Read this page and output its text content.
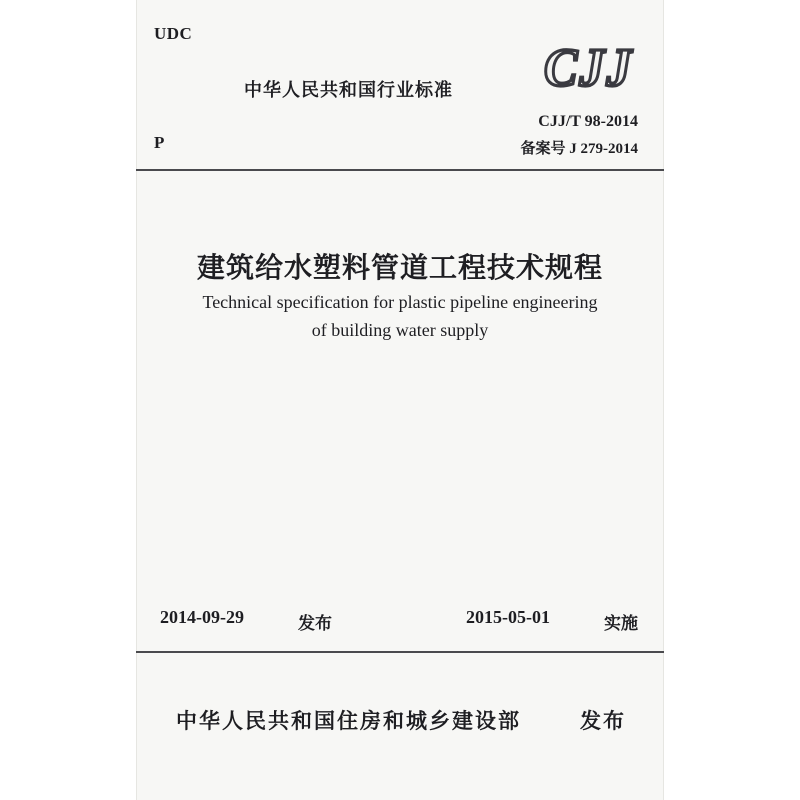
UDC
P
中华人民共和国行业标准 CJJ
CJJ/T 98-2014
备案号 J 279-2014
建筑给水塑料管道工程技术规程
Technical specification for plastic pipeline engineering
of building water supply
2014-09-29	发布	2015-05-01	实施
中华人民共和国住房和城乡建设部	发布
